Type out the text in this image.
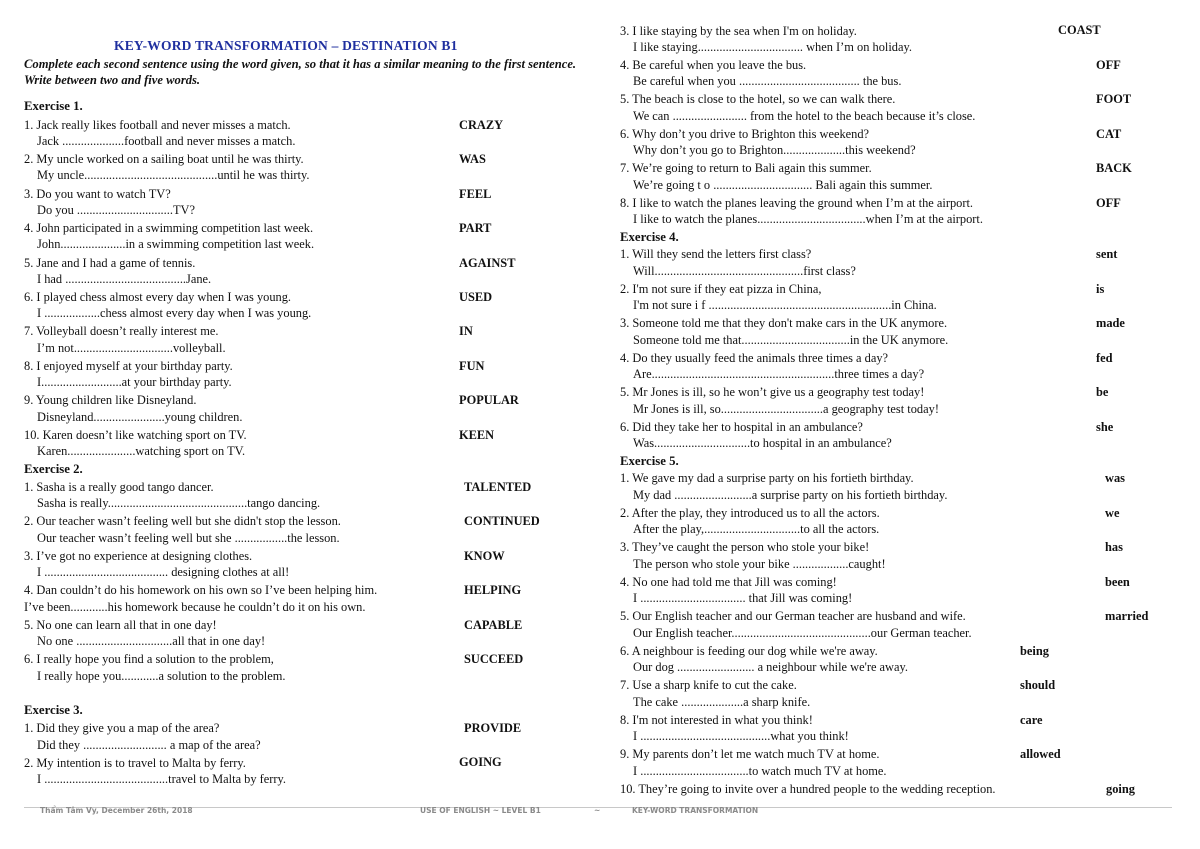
KEY-WORD TRANSFORMATION – DESTINATION B1
Complete each second sentence using the word given, so that it has a similar meaning to the first sentence. Write between two and five words.
Exercise 1.
1. Jack really likes football and never misses a match.
Jack ....................football and never misses a match.
CRAZY
2. My uncle worked on a sailing boat until he was thirty.
My uncle...........................................until he was thirty.
WAS
3. Do you want to watch TV?
Do you ...............................TV?
FEEL
4. John participated in a swimming competition last week.
John.....................in a swimming competition last week.
PART
5. Jane and I had a game of tennis.
I had .......................................Jane.
AGAINST
6. I played chess almost every day when I was young.
I ..................chess almost every day when I was young.
USED
7. Volleyball doesn’t really interest me.
I’m not................................volleyball.
IN
8. I enjoyed myself at your birthday party.
I..........................at your birthday party.
FUN
9. Young children like Disneyland.
Disneyland.......................young children.
POPULAR
10. Karen doesn’t like watching sport on TV.
Karen......................watching sport on TV.
KEEN
Exercise 2.
1. Sasha is a really good tango dancer.
Sasha is really.............................................tango dancing.
TALENTED
2. Our teacher wasn’t feeling well but she didn't stop the lesson.
Our teacher wasn’t feeling well but she .................the lesson.
CONTINUED
3. I’ve got no experience at designing clothes.
I ........................................ designing clothes at all!
KNOW
4. Dan couldn’t do his homework on his own so I’ve been helping him.
I’ve been............his homework because he couldn’t do it on his own.
HELPING
5. No one can learn all that in one day!
No one ...............................all that in one day!
CAPABLE
6. I really hope you find a solution to the problem,
I really hope you............a solution to the problem.
SUCCEED
Exercise 3.
1. Did they give you a map of the area?
Did they ........................... a map of the area?
PROVIDE
2. My intention is to travel to Malta by ferry.
I ........................................travel to Malta by ferry.
GOING
3. I like staying by the sea when I'm on holiday.
I like staying.................................. when I’m on holiday.
COAST
4. Be careful when you leave the bus.
Be careful when you ....................................... the bus.
OFF
5. The beach is close to the hotel, so we can walk there.
We can ........................ from the hotel to the beach because it’s close.
FOOT
6. Why don’t you drive to Brighton this weekend?
Why don’t you go to Brighton....................this weekend?
CAT
7. We’re going to return to Bali again this summer.
We’re going t o ................................ Bali again this summer.
BACK
8. I like to watch the planes leaving the ground when I’m at the airport.
I like to watch the planes...................................when I’m at the airport.
OFF
Exercise 4.
1. Will they send the letters first class?
Will................................................first class?
sent
2. I'm not sure if they eat pizza in China,
I'm not sure i f ...........................................................in China.
is
3. Someone told me that they don't make cars in the UK anymore.
Someone told me that...................................in the UK anymore.
made
4. Do they usually feed the animals three times a day?
Are...........................................................three times a day?
fed
5. Mr Jones is ill, so he won’t give us a geography test today!
Mr Jones is ill, so.................................a geography test today!
be
6. Did they take her to hospital in an ambulance?
Was...............................to hospital in an ambulance?
she
Exercise 5.
1. We gave my dad a surprise party on his fortieth birthday.
My dad .........................a surprise party on his fortieth birthday.
was
2. After the play, they introduced us to all the actors.
After the play,...............................to all the actors.
we
3. They’ve caught the person who stole your bike!
The person who stole your bike ..................caught!
has
4. No one had told me that Jill was coming!
I .................................. that Jill was coming!
been
5. Our English teacher and our German teacher are husband and wife.
Our English teacher.............................................our German teacher.
married
6. A neighbour is feeding our dog while we're away.
Our dog ......................... a neighbour while we're away.
being
7. Use a sharp knife to cut the cake.
The cake ....................a sharp knife.
should
8. I'm not interested in what you think!
I ..........................................what you think!
care
9. My parents don’t let me watch much TV at home.
I ...................................to watch much TV at home.
allowed
10. They’re going to invite over a hundred people to the wedding reception.	going
Thẩm Tâm Vy, December 26th, 2018	USE OF ENGLISH ~ LEVEL B1	~	KEY-WORD TRANSFORMATION
